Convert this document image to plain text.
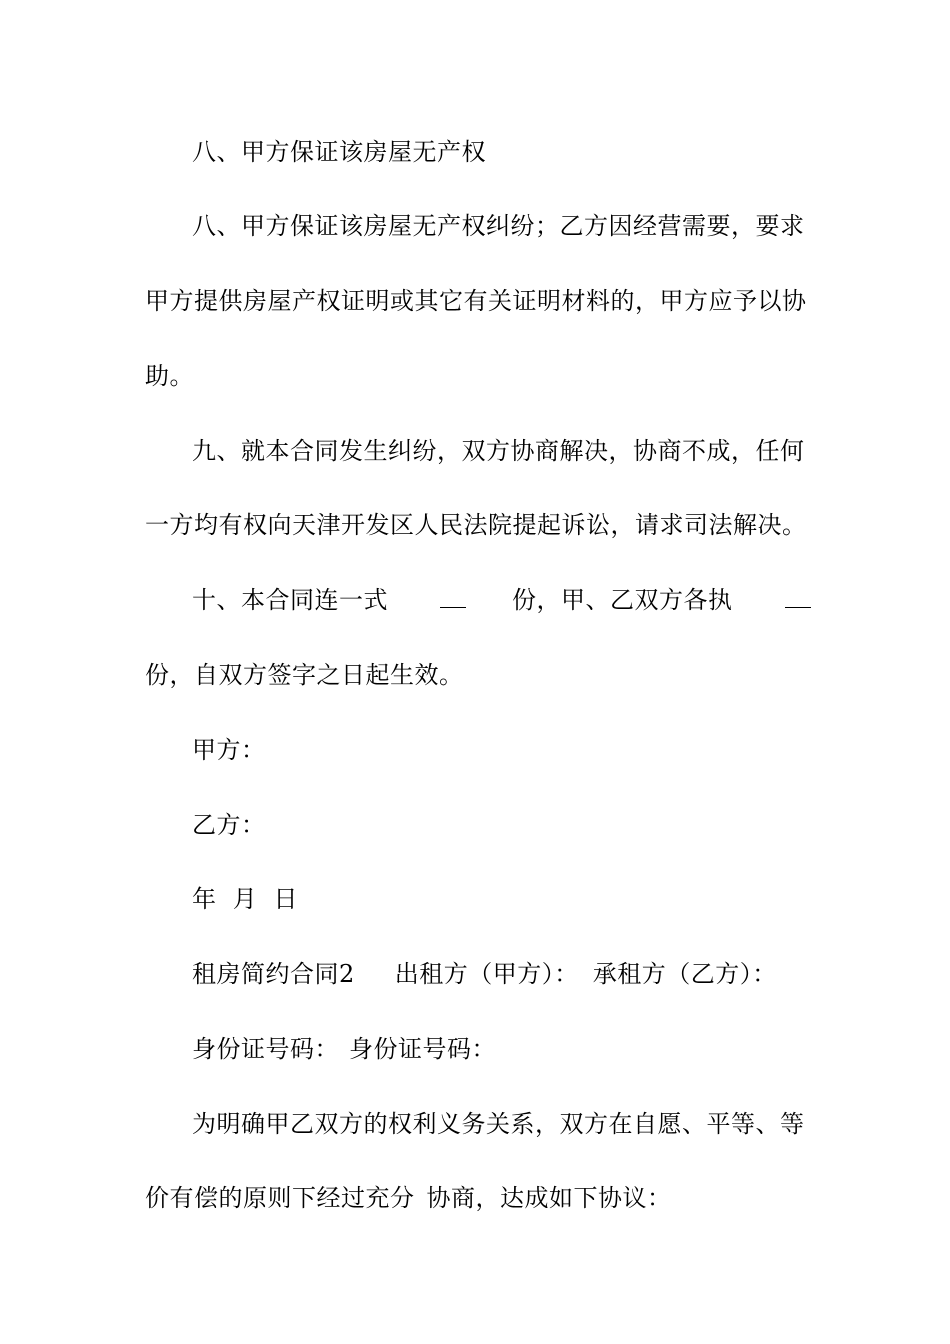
八、甲方保证该房屋无产权
八、甲方保证该房屋无产权纠纷；乙方因经营需要，要求
甲方提供房屋产权证明或其它有关证明材料的，甲方应予以协
助。
九、就本合同发生纠纷，双方协商解决，协商不成，任何
一方均有权向天津开发区人民法院提起诉讼，请求司法解决。
十、本合同连一式	份，甲、乙双方各执
份，自双方签字之日起生效。
甲方：
乙方：
年  月  日
租房简约合同2 出租方（甲方）： 承租方（乙方）：
身份证号码： 身份证号码：
为明确甲乙双方的权利义务关系，双方在自愿、平等、等
价有偿的原则下经过充分 协商，达成如下协议：
